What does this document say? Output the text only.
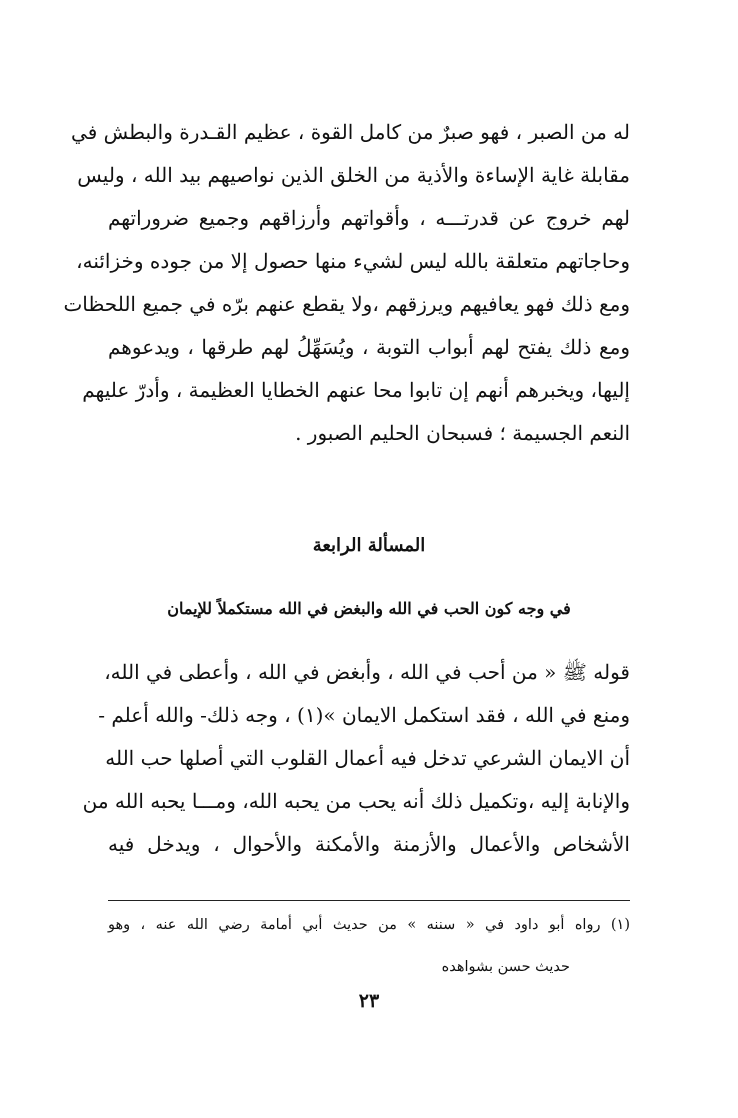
له من الصبر ، فهو صبرٌ من كامل القوة ، عظيم القـدرة والبطش في
مقابلة غاية الإساءة والأذية من الخلق الذين نواصيهم بيد الله ، وليس
لهم خروج عن قدرتـــه ، وأقواتهم وأرزاقهم وجميع ضروراتهم
وحاجاتهم متعلقة بالله ليس لشيء منها حصول إلا من جوده وخزائنه،
ومع ذلك فهو يعافيهم ويرزقهم ،ولا يقطع عنهم برّه في جميع اللحظات
ومع ذلك يفتح لهم أبواب التوبة ، ويُسَهِّلُ لهم طرقها ، ويدعوهم
إليها، ويخبرهم أنهم إن تابوا محا عنهم الخطايا العظيمة ، وأدرّ عليهم
النعم الجسيمة ؛ فسبحان الحليم الصبور .
المسألة الرابعة
في وجه كون الحب في الله والبغض في الله مستكملاً للإيمان
قوله ﷺ « من أحب في الله ، وأبغض في الله ، وأعطى في الله،
ومنع في الله ، فقد استكمل الايمان »(١) ، وجه ذلك- والله أعلم -
أن الايمان الشرعي تدخل فيه أعمال القلوب التي أصلها حب الله
والإنابة إليه ،وتكميل ذلك أنه يحب من يحبه الله، ومـــا يحبه الله من
الأشخاص والأعمال والأزمنة والأمكنة والأحوال ، ويدخل فيه
(١) رواه أبو داود في « سننه » من حديث أبي أمامة رضي الله عنه ، وهو
حديث حسن بشواهده
٢٣
